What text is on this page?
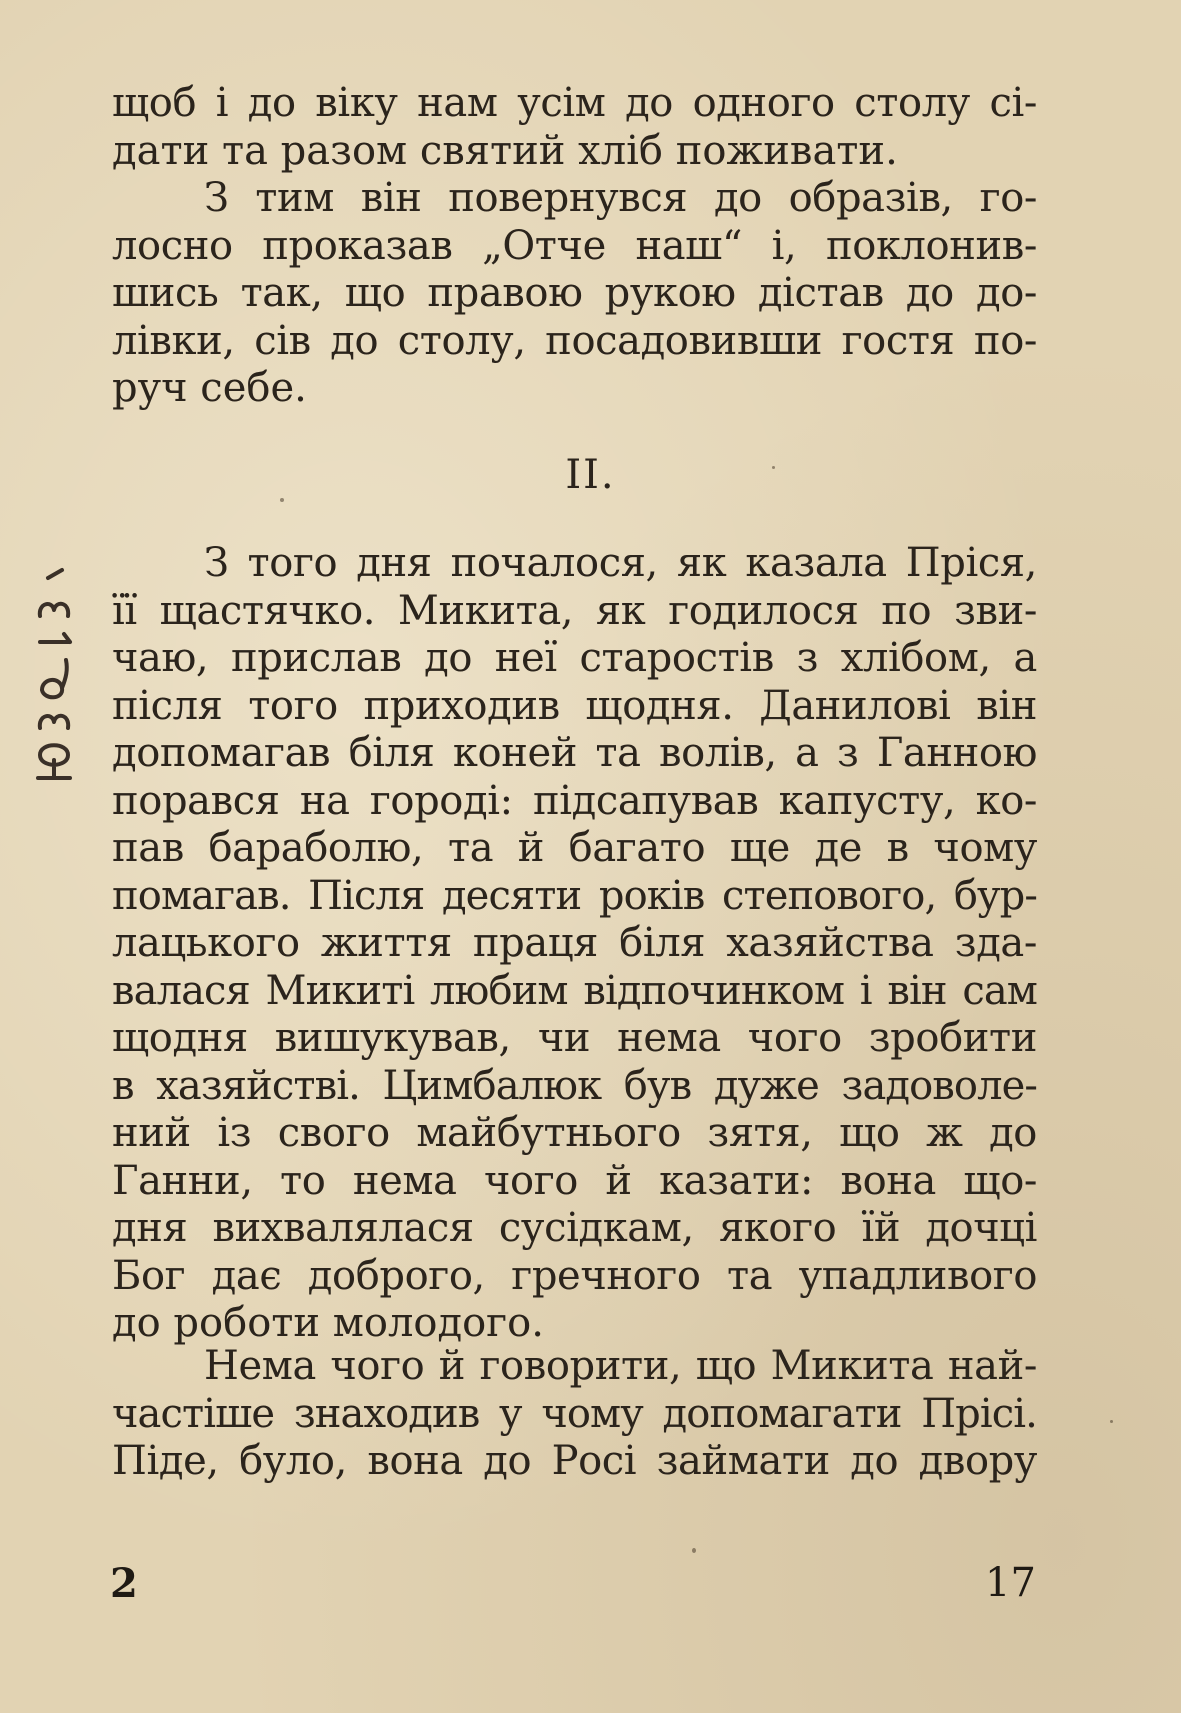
щоб і до віку нам усім до одного столу сі-
дати та разом святий хліб поживати.
З тим він повернувся до образів, го-
лосно проказав „Отче наш“ і, поклонив-
шись так, що правою рукою дістав до до-
лівки, сів до столу, посадовивши гостя по-
руч себе.
II.
З того дня почалося, як казала Пріся,
її щастячко. Микита, як годилося по зви-
чаю, прислав до неї старостів з хлібом, а
після того приходив щодня. Данилові він
допомагав біля коней та волів, а з Ганною
порався на городі: підсапував капусту, ко-
пав бараболю, та й багато ще де в чому
помагав. Після десяти років степового, бур-
лацького життя праця біля хазяйства зда-
валася Микиті любим відпочинком і він сам
щодня вишукував, чи нема чого зробити
в хазяйстві. Цимбалюк був дуже задоволе-
ний із свого майбутнього зятя, що ж до
Ганни, то нема чого й казати: вона що-
дня вихвалялася сусідкам, якого їй дочці
Бог дає доброго, гречного та упадливого
до роботи молодого.
Нема чого й говорити, що Микита най-
частіше знаходив у чому допомагати Прісі.
Піде, було, вона до Росі займати до двору
2	17
